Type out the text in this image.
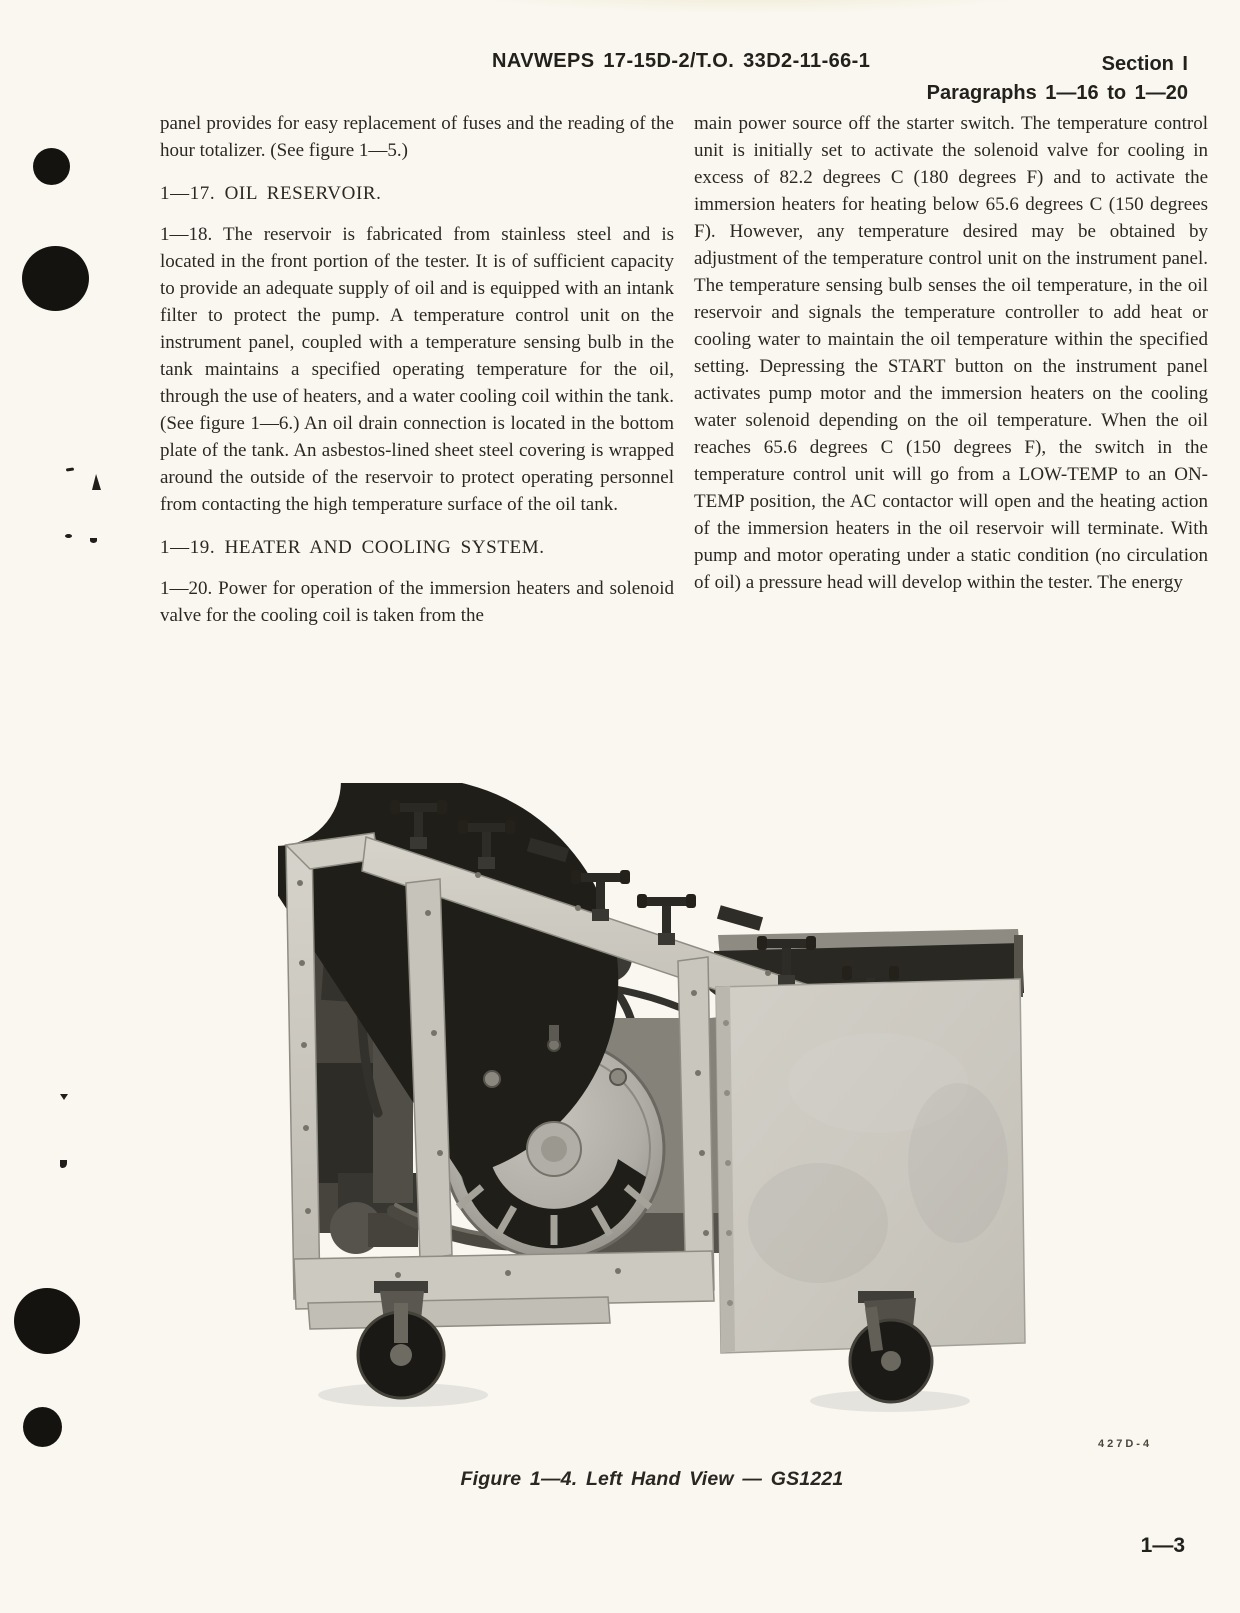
NAVWEPS 17-15D-2/T.O. 33D2-11-66-1	Section I
Paragraphs 1—16 to 1—20

panel provides for easy replacement of fuses and the reading of the hour totalizer. (See figure 1—5.)

1—17. OIL RESERVOIR.

1—18. The reservoir is fabricated from stainless steel and is located in the front portion of the tester. It is of sufficient capacity to provide an adequate supply of oil and is equipped with an intank filter to protect the pump. A temperature control unit on the instrument panel, coupled with a temperature sensing bulb in the tank maintains a specified operating temperature for the oil, through the use of heaters, and a water cooling coil within the tank. (See figure 1—6.) An oil drain connection is located in the bottom plate of the tank. An asbestos-lined sheet steel covering is wrapped around the outside of the reservoir to protect operating personnel from contacting the high temperature surface of the oil tank.

1—19. HEATER AND COOLING SYSTEM.

1—20. Power for operation of the immersion heaters and solenoid valve for the cooling coil is taken from the

main power source off the starter switch. The temperature control unit is initially set to activate the solenoid valve for cooling in excess of 82.2 degrees C (180 degrees F) and to activate the immersion heaters for heating below 65.6 degrees C (150 degrees F). However, any temperature desired may be obtained by adjustment of the temperature control unit on the instrument panel. The temperature sensing bulb senses the oil temperature, in the oil reservoir and signals the temperature controller to add heat or cooling water to maintain the oil temperature within the specified setting. Depressing the START button on the instrument panel activates pump motor and the immersion heaters on the cooling water solenoid depending on the oil temperature. When the oil reaches 65.6 degrees C (150 degrees F), the switch in the temperature control unit will go from a LOW-TEMP to an ON-TEMP position, the AC contactor will open and the heating action of the immersion heaters in the oil reservoir will terminate. With pump and motor operating under a static condition (no circulation of oil) a pressure head will develop within the tester. The energy

427D-4
Figure 1—4. Left Hand View — GS1221
1—3
